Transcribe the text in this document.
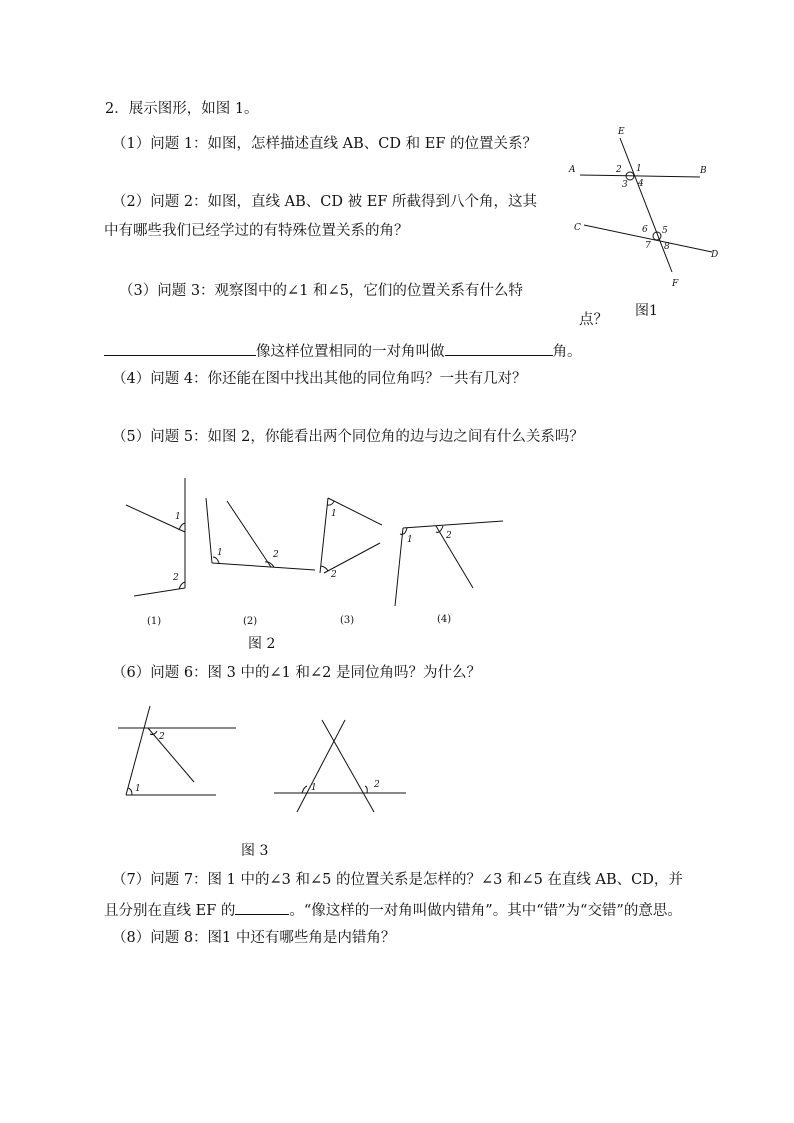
2．展示图形，如图 1。
（1）问题 1：如图，怎样描述直线 AB、CD 和 EF 的位置关系？
（2）问题 2：如图，直线 AB、CD 被 EF 所截得到八个角，这其
中有哪些我们已经学过的有特殊位置关系的角？
（3）问题 3：观察图中的∠1 和∠5，它们的位置关系有什么特
点？
像这样位置相同的一对角叫做	角。
（4）问题 4：你还能在图中找出其他的同位角吗？一共有几对？
（5）问题 5：如图 2，你能看出两个同位角的边与边之间有什么关系吗？
（6）问题 6：图 3 中的∠1 和∠2 是同位角吗？为什么？
（7）问题 7：图 1 中的∠3 和∠5 的位置关系是怎样的？∠3 和∠5 在直线 AB、CD，并
且分别在直线 EF 的	。“像这样的一对角叫做内错角”。其中“错”为“交错”的意思。
（8）问题 8：图1 中还有哪些角是内错角？
E
A	B
C
D
F
2 1
3 4
6 5
7 8
图1
1
2
1	2
1
2
1	2
(1)	(2)	(3)	(4)
图 2
1
2
1	2
图 3
